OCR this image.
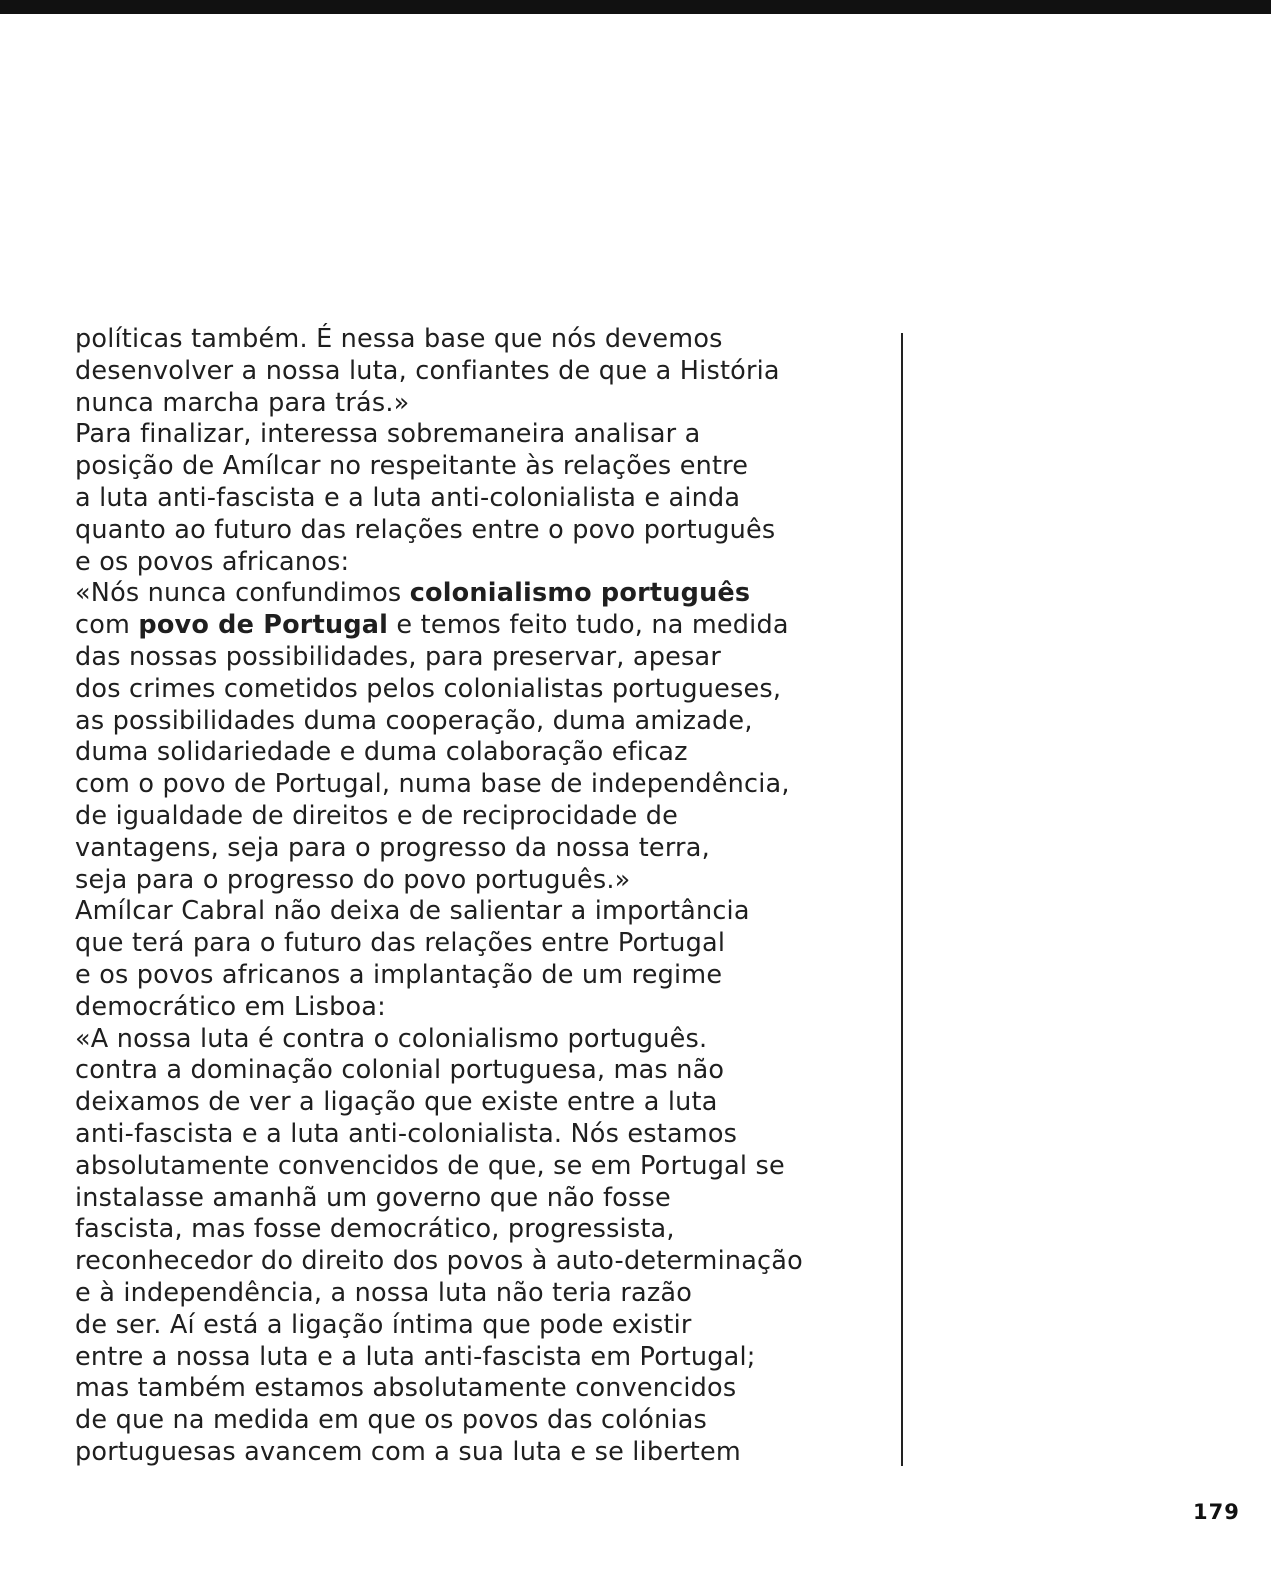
políticas também. É nessa base que nós devemos
desenvolver a nossa luta, confiantes de que a História
nunca marcha para trás.»
Para finalizar, interessa sobremaneira analisar a
posição de Amílcar no respeitante às relações entre
a luta anti-fascista e a luta anti-colonialista e ainda
quanto ao futuro das relações entre o povo português
e os povos africanos:
«Nós nunca confundimos colonialismo português
com povo de Portugal e temos feito tudo, na medida
das nossas possibilidades, para preservar, apesar
dos crimes cometidos pelos colonialistas portugueses,
as possibilidades duma cooperação, duma amizade,
duma solidariedade e duma colaboração eficaz
com o povo de Portugal, numa base de independência,
de igualdade de direitos e de reciprocidade de
vantagens, seja para o progresso da nossa terra,
seja para o progresso do povo português.»
Amílcar Cabral não deixa de salientar a importância
que terá para o futuro das relações entre Portugal
e os povos africanos a implantação de um regime
democrático em Lisboa:
«A nossa luta é contra o colonialismo português.
contra a dominação colonial portuguesa, mas não
deixamos de ver a ligação que existe entre a luta
anti-fascista e a luta anti-colonialista. Nós estamos
absolutamente convencidos de que, se em Portugal se
instalasse amanhã um governo que não fosse
fascista, mas fosse democrático, progressista,
reconhecedor do direito dos povos à auto-determinação
e à independência, a nossa luta não teria razão
de ser. Aí está a ligação íntima que pode existir
entre a nossa luta e a luta anti-fascista em Portugal;
mas também estamos absolutamente convencidos
de que na medida em que os povos das colónias
portuguesas avancem com a sua luta e se libertem
179
